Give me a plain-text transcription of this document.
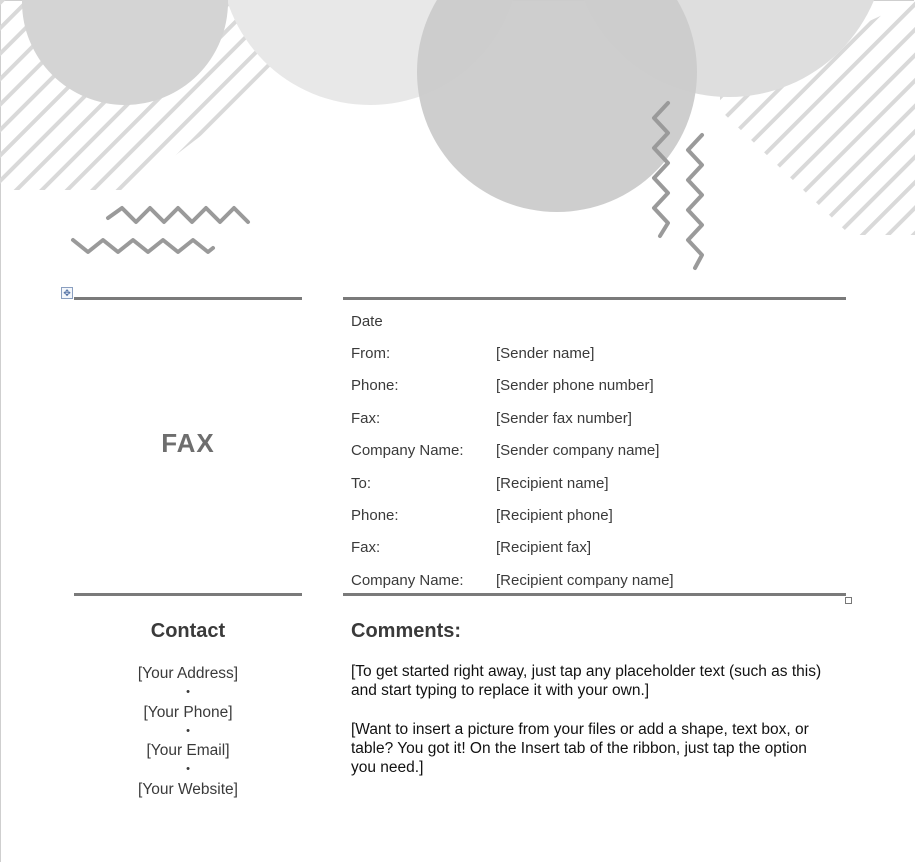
✥
FAX
Date
From:	[Sender name]
Phone:	[Sender phone number]
Fax:	[Sender fax number]
Company Name:	[Sender company name]
To:	[Recipient name]
Phone:	[Recipient phone]
Fax:	[Recipient fax]
Company Name:	[Recipient company name]
Contact
[Your Address]
•
[Your Phone]
•
[Your Email]
•
[Your Website]
Comments:

[To get started right away, just tap any placeholder text (such as this) and start typing to replace it with your own.]

[Want to insert a picture from your files or add a shape, text box, or table? You got it! On the Insert tab of the ribbon, just tap the option you need.]
